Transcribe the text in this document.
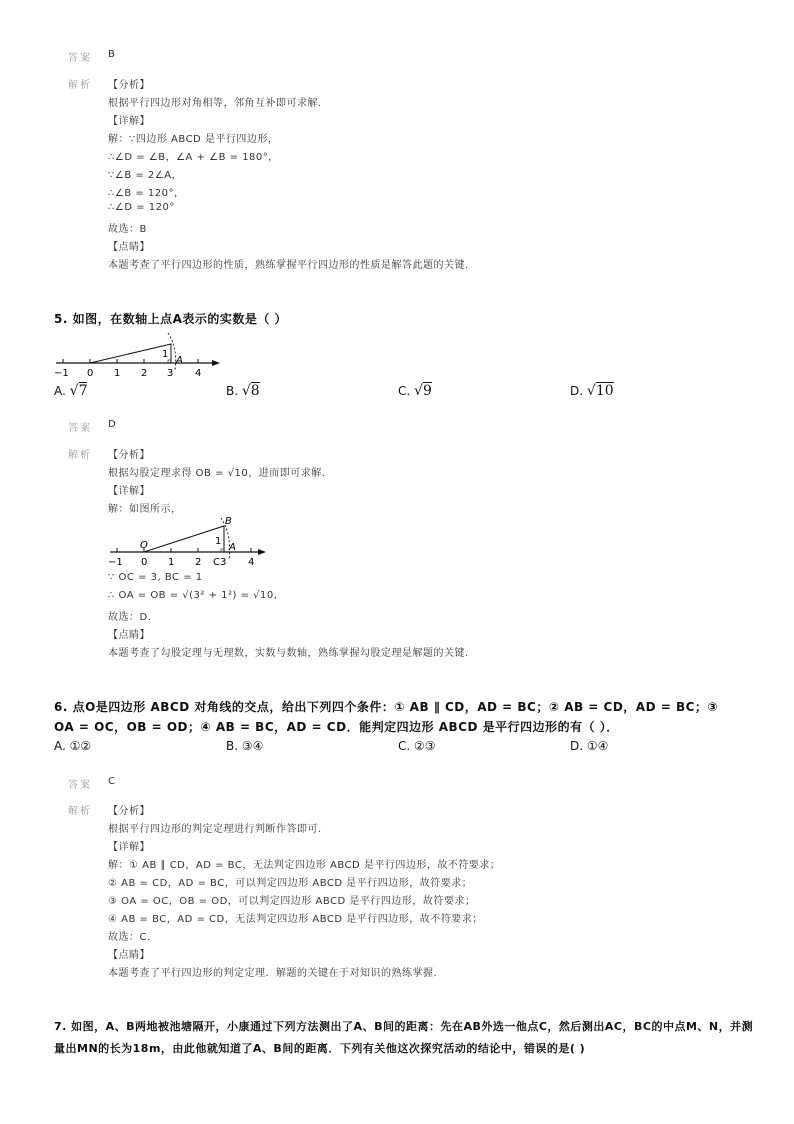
答案 B
解析 【分析】
根据平行四边形对角相等，邻角互补即可求解.
【详解】
解：∵四边形 ABCD 是平行四边形，
∴∠D = ∠B，∠A + ∠B = 180°，
∵∠B = 2∠A，
∴∠B = 120°，
∴∠D = 120°
故选：B
【点睛】
本题考查了平行四边形的性质，熟练掌握平行四边形的性质是解答此题的关键.
5. 如图，在数轴上点A表示的实数是（ ）
−1 0 1 2 3 4
1
A
A. √7	B. √8	C. √9	D. √10
答案 D
解析 【分析】
根据勾股定理求得 OB = √10，进而即可求解.
【详解】
解：如图所示，
−1 0 1 2 C3 4
O
B
A
1
∵ OC = 3, BC = 1
∴ OA = OB = √(3² + 1²) = √10,
故选：D.
【点睛】
本题考查了勾股定理与无理数，实数与数轴，熟练掌握勾股定理是解题的关键.
6. 点O是四边形 ABCD 对角线的交点，给出下列四个条件：① AB ∥ CD，AD = BC；② AB = CD，AD = BC；③
OA = OC，OB = OD；④ AB = BC，AD = CD．能判定四边形 ABCD 是平行四边形的有（ ）．
A. ①②	B. ③④	C. ②③	D. ①④
答案 C
解析 【分析】
根据平行四边形的判定定理进行判断作答即可.
【详解】
解：① AB ∥ CD，AD = BC，无法判定四边形 ABCD 是平行四边形，故不符要求；
② AB = CD，AD = BC，可以判定四边形 ABCD 是平行四边形，故符要求；
③ OA = OC，OB = OD，可以判定四边形 ABCD 是平行四边形，故符要求；
④ AB = BC，AD = CD，无法判定四边形 ABCD 是平行四边形，故不符要求；
故选：C.
【点睛】
本题考查了平行四边形的判定定理．解题的关键在于对知识的熟练掌握.
7. 如图，A、B两地被池塘隔开，小康通过下列方法测出了A、B间的距离：先在AB外选一他点C，然后测出AC，BC的中点M、N，并测
量出MN的长为18m，由此他就知道了A、B间的距离．下列有关他这次探究活动的结论中，错误的是( )
